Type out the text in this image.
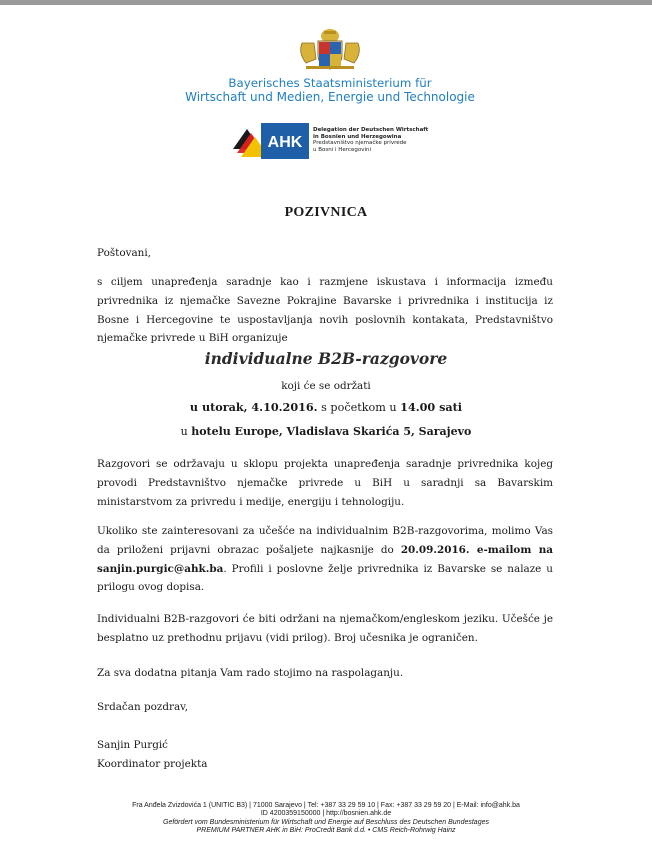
Bayerisches Staatsministerium für
Wirtschaft und Medien, Energie und Technologie
AHK
Delegation der Deutschen Wirtschaft
in Bosnien und Herzegowina
Predstavništvo njemačke privrede
u Bosni i Hercegovini
POZIVNICA
Poštovani,
s ciljem unapređenja saradnje kao i razmjene iskustava i informacija između privrednika iz njemačke Savezne Pokrajine Bavarske i privrednika i institucija iz Bosne i Hercegovine te uspostavljanja novih poslovnih kontakata, Predstavništvo njemačke privrede u BiH organizuje
individualne B2B-razgovore
koji će se održati
u utorak, 4.10.2016. s početkom u 14.00 sati
u hotelu Europe, Vladislava Skarića 5, Sarajevo
Razgovori se održavaju u sklopu projekta unapređenja saradnje privrednika kojeg provodi Predstavništvo njemačke privrede u BiH u saradnji sa Bavarskim ministarstvom za privredu i medije, energiju i tehnologiju.
Ukoliko ste zainteresovani za učešće na individualnim B2B-razgovorima, molimo Vas da priloženi prijavni obrazac pošaljete najkasnije do 20.09.2016. e-mailom na sanjin.purgic@ahk.ba. Profili i poslovne želje privrednika iz Bavarske se nalaze u prilogu ovog dopisa.
Individualni B2B-razgovori će biti održani na njemačkom/engleskom jeziku. Učešće je besplatno uz prethodnu prijavu (vidi prilog). Broj učesnika je ograničen.
Za sva dodatna pitanja Vam rado stojimo na raspolaganju.
Srdačan pozdrav,
Sanjin Purgić
Koordinator projekta
Fra Anđela Zvizdovića 1 (UNITIC B3) | 71000 Sarajevo | Tel: +387 33 29 59 10 | Fax: +387 33 29 59 20 | E-Mail: info@ahk.ba
ID 4200359150000 | http://bosnien.ahk.de
Gefördert vom Bundesministerium für Wirtschaft und Energie auf Beschluss des Deutschen Bundestages
PREMIUM PARTNER AHK in BiH: ProCredit Bank d.d. • CMS Reich-Rohrwig Hainz
